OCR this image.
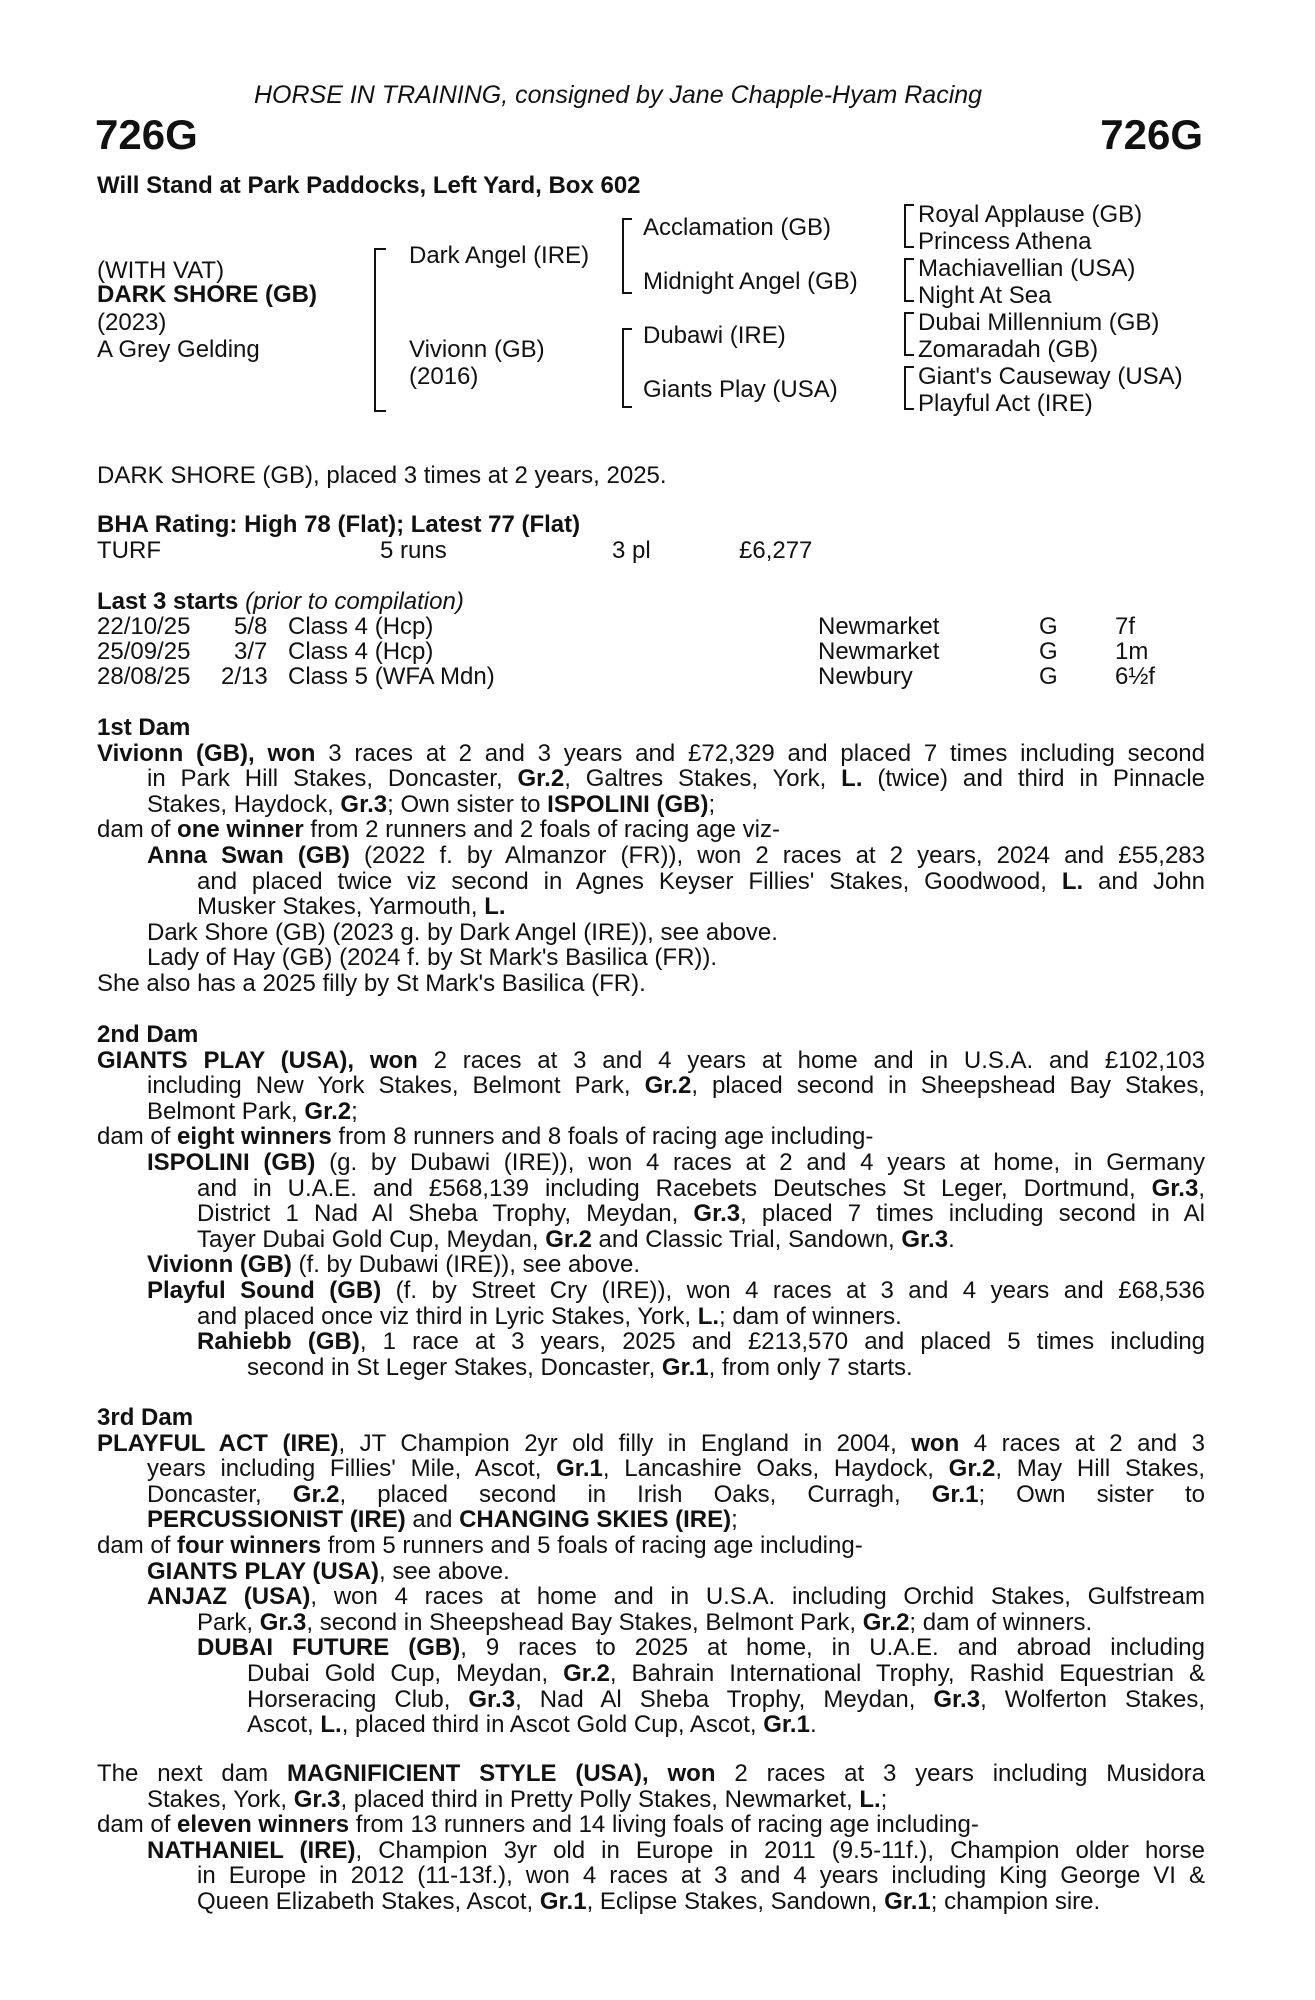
HORSE IN TRAINING, consigned by Jane Chapple-Hyam Racing
726G	726G
Will Stand at Park Paddocks, Left Yard, Box 602
(WITH VAT)
DARK SHORE (GB)
(2023)
A Grey Gelding
Dark Angel (IRE)
Vivionn (GB)
(2016)
Acclamation (GB)
Midnight Angel (GB)
Dubawi (IRE)
Giants Play (USA)
Royal Applause (GB)
Princess Athena
Machiavellian (USA)
Night At Sea
Dubai Millennium (GB)
Zomaradah (GB)
Giant's Causeway (USA)
Playful Act (IRE)
DARK SHORE (GB), placed 3 times at 2 years, 2025.
BHA Rating: High 78 (Flat); Latest 77 (Flat)
TURF	5 runs	3 pl	£6,277
Last 3 starts (prior to compilation)
22/10/25 5/8 Class 4 (Hcp)	Newmarket	G 7f
25/09/25 3/7 Class 4 (Hcp)	Newmarket	G 1m
28/08/25 2/13 Class 5 (WFA Mdn)	Newbury	G 6½f
1st Dam
Vivionn (GB), won 3 races at 2 and 3 years and £72,329 and placed 7 times including second
in Park Hill Stakes, Doncaster, Gr.2, Galtres Stakes, York, L. (twice) and third in Pinnacle
Stakes, Haydock, Gr.3; Own sister to ISPOLINI (GB);
dam of one winner from 2 runners and 2 foals of racing age viz-
Anna Swan (GB) (2022 f. by Almanzor (FR)), won 2 races at 2 years, 2024 and £55,283
and placed twice viz second in Agnes Keyser Fillies' Stakes, Goodwood, L. and John
Musker Stakes, Yarmouth, L.
Dark Shore (GB) (2023 g. by Dark Angel (IRE)), see above.
Lady of Hay (GB) (2024 f. by St Mark's Basilica (FR)).
She also has a 2025 filly by St Mark's Basilica (FR).
2nd Dam
GIANTS PLAY (USA), won 2 races at 3 and 4 years at home and in U.S.A. and £102,103
including New York Stakes, Belmont Park, Gr.2, placed second in Sheepshead Bay Stakes,
Belmont Park, Gr.2;
dam of eight winners from 8 runners and 8 foals of racing age including-
ISPOLINI (GB) (g. by Dubawi (IRE)), won 4 races at 2 and 4 years at home, in Germany
and in U.A.E. and £568,139 including Racebets Deutsches St Leger, Dortmund, Gr.3,
District 1 Nad Al Sheba Trophy, Meydan, Gr.3, placed 7 times including second in Al
Tayer Dubai Gold Cup, Meydan, Gr.2 and Classic Trial, Sandown, Gr.3.
Vivionn (GB) (f. by Dubawi (IRE)), see above.
Playful Sound (GB) (f. by Street Cry (IRE)), won 4 races at 3 and 4 years and £68,536
and placed once viz third in Lyric Stakes, York, L.; dam of winners.
Rahiebb (GB), 1 race at 3 years, 2025 and £213,570 and placed 5 times including
second in St Leger Stakes, Doncaster, Gr.1, from only 7 starts.
3rd Dam
PLAYFUL ACT (IRE), JT Champion 2yr old filly in England in 2004, won 4 races at 2 and 3
years including Fillies' Mile, Ascot, Gr.1, Lancashire Oaks, Haydock, Gr.2, May Hill Stakes,
Doncaster, Gr.2, placed second in Irish Oaks, Curragh, Gr.1; Own sister to
PERCUSSIONIST (IRE) and CHANGING SKIES (IRE);
dam of four winners from 5 runners and 5 foals of racing age including-
GIANTS PLAY (USA), see above.
ANJAZ (USA), won 4 races at home and in U.S.A. including Orchid Stakes, Gulfstream
Park, Gr.3, second in Sheepshead Bay Stakes, Belmont Park, Gr.2; dam of winners.
DUBAI FUTURE (GB), 9 races to 2025 at home, in U.A.E. and abroad including
Dubai Gold Cup, Meydan, Gr.2, Bahrain International Trophy, Rashid Equestrian &
Horseracing Club, Gr.3, Nad Al Sheba Trophy, Meydan, Gr.3, Wolferton Stakes,
Ascot, L., placed third in Ascot Gold Cup, Ascot, Gr.1.
The next dam MAGNIFICIENT STYLE (USA), won 2 races at 3 years including Musidora
Stakes, York, Gr.3, placed third in Pretty Polly Stakes, Newmarket, L.;
dam of eleven winners from 13 runners and 14 living foals of racing age including-
NATHANIEL (IRE), Champion 3yr old in Europe in 2011 (9.5-11f.), Champion older horse
in Europe in 2012 (11-13f.), won 4 races at 3 and 4 years including King George VI &
Queen Elizabeth Stakes, Ascot, Gr.1, Eclipse Stakes, Sandown, Gr.1; champion sire.
